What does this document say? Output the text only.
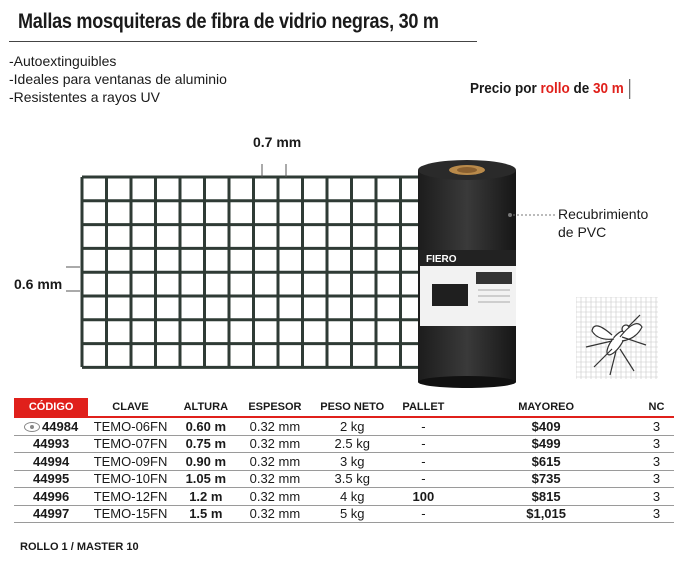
Mallas mosquiteras de fibra de vidrio negras, 30 m
-Autoextinguibles
-Ideales para ventanas de aluminio
-Resistentes a rayos UV
Precio por rollo de 30 m
0.7 mm
0.6 mm
FIERO
Recubrimiento
de PVC
CÓDIGO	CLAVE	ALTURA	ESPESOR	PESO NETO	PALLET	MAYOREO	NC
44984	TEMO-06FN	0.60 m	0.32 mm	2 kg	-	$409	3
44993	TEMO-07FN	0.75 m	0.32 mm	2.5 kg	-	$499	3
44994	TEMO-09FN	0.90 m	0.32 mm	3 kg	-	$615	3
44995	TEMO-10FN	1.05 m	0.32 mm	3.5 kg	-	$735	3
44996	TEMO-12FN	1.2 m	0.32 mm	4 kg	100	$815	3
44997	TEMO-15FN	1.5 m	0.32 mm	5 kg	-	$1,015	3
ROLLO 1 / MASTER 10
